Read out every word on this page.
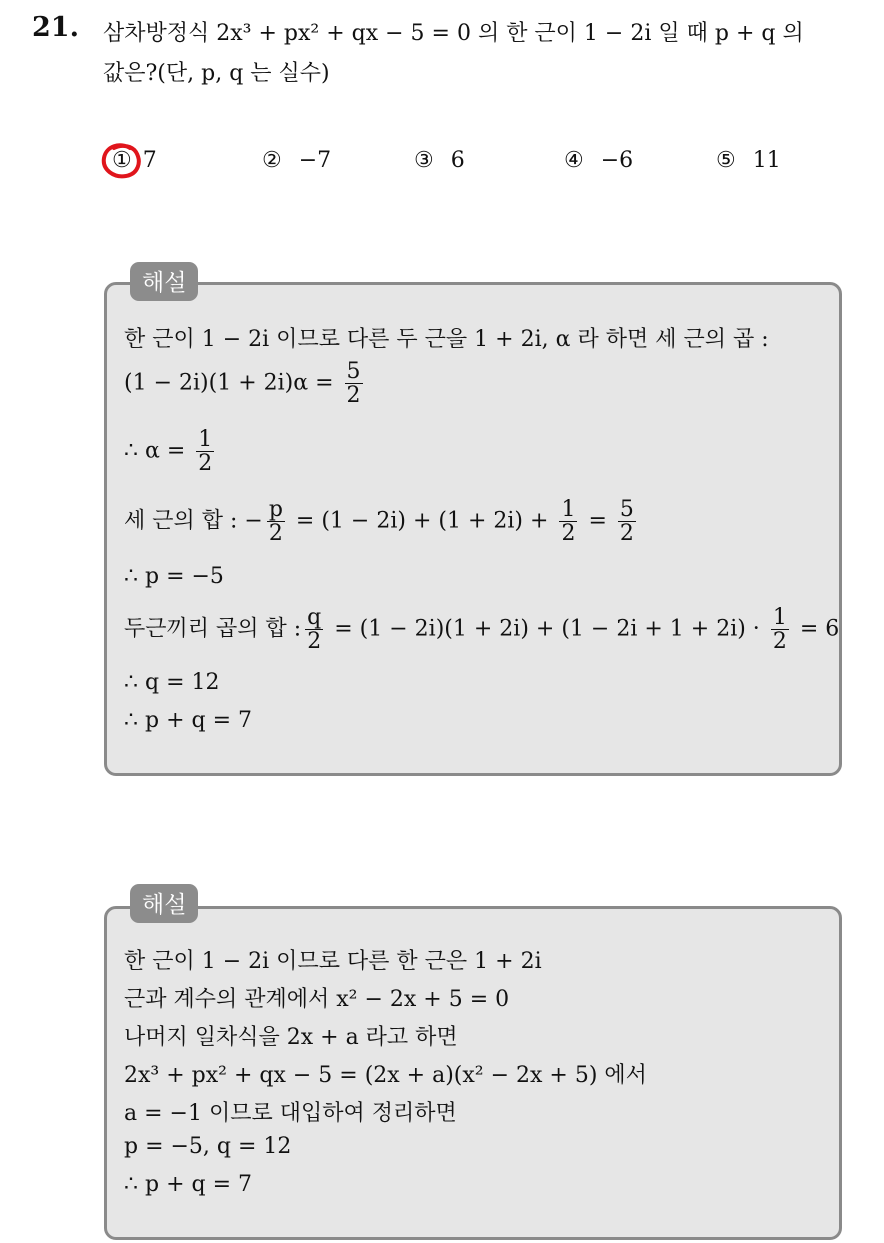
21. 삼차방정식 2x³ + px² + qx − 5 = 0 의 한 근이 1 − 2i 일 때 p + q 의
값은?(단, p, q 는 실수)
① 7	② −7	③ 6	④ −6	⑤ 11
해설
한 근이 1 − 2i 이므로 다른 두 근을 1 + 2i, α 라 하면 세 근의 곱 :
$(1 - 2i)(1 + 2i)\alpha = \frac{5}{2}$
∴ $\alpha = \frac{1}{2}$
세 근의 합 : − $\frac{p}{2} = (1 - 2i) + (1 + 2i) + \frac{1}{2} = \frac{5}{2}$
∴ p = −5
두근끼리 곱의 합 : $\frac{q}{2} = (1 - 2i)(1 + 2i) + (1 - 2i + 1 + 2i) \cdot \frac{1}{2} = 6$
∴ q = 12
∴ p + q = 7
해설
한 근이 1 − 2i 이므로 다른 한 근은 1 + 2i
근과 계수의 관계에서 x² − 2x + 5 = 0
나머지 일차식을 2x + a 라고 하면
2x³ + px² + qx − 5 = (2x + a)(x² − 2x + 5) 에서
a = −1 이므로 대입하여 정리하면
p = −5, q = 12
∴ p + q = 7
